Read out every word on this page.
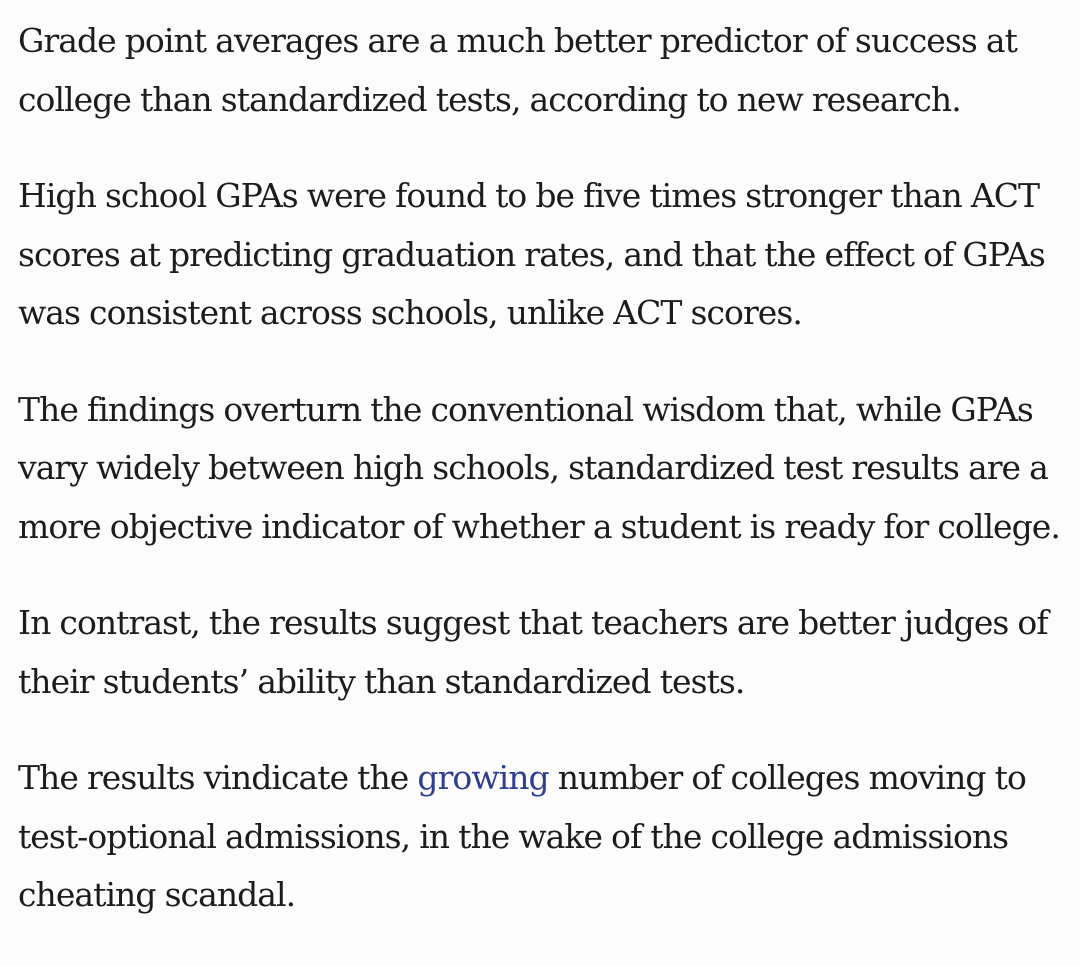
Grade point averages are a much better predictor of success at
college than standardized tests, according to new research.

High school GPAs were found to be five times stronger than ACT
scores at predicting graduation rates, and that the effect of GPAs
was consistent across schools, unlike ACT scores.

The findings overturn the conventional wisdom that, while GPAs
vary widely between high schools, standardized test results are a
more objective indicator of whether a student is ready for college.

In contrast, the results suggest that teachers are better judges of
their students’ ability than standardized tests.

The results vindicate the growing number of colleges moving to
test-optional admissions, in the wake of the college admissions
cheating scandal.
